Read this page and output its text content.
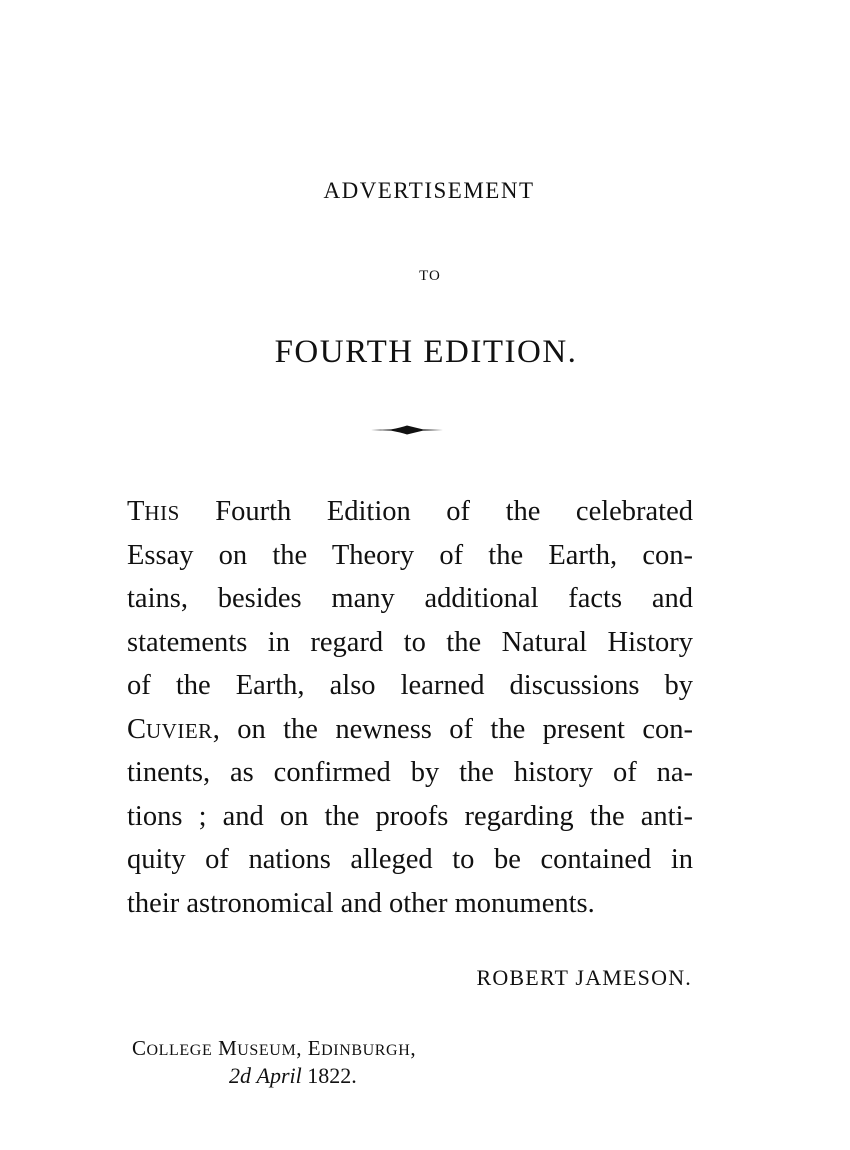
ADVERTISEMENT
TO
FOURTH EDITION.
THIS Fourth Edition of the celebrated
Essay on the Theory of the Earth, con-
tains, besides many additional facts and
statements in regard to the Natural History
of the Earth, also learned discussions by
CUVIER, on the newness of the present con-
tinents, as confirmed by the history of na-
tions ; and on the proofs regarding the anti-
quity of nations alleged to be contained in
their astronomical and other monuments.
ROBERT JAMESON.
COLLEGE MUSEUM, EDINBURGH,
2d April 1822.
